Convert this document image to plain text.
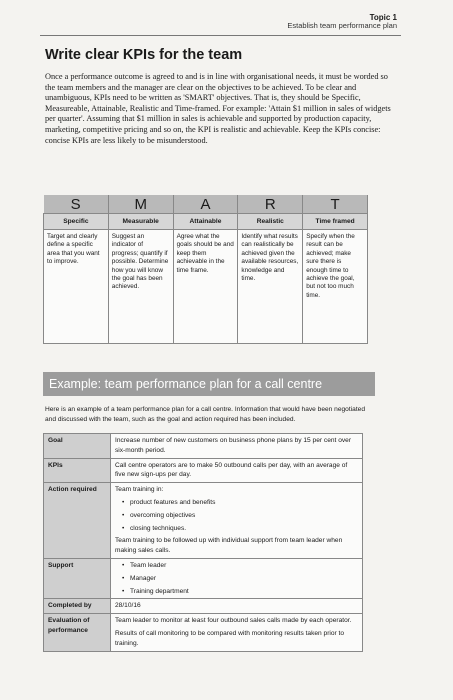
Topic 1
Establish team performance plan
Write clear KPIs for the team
Once a performance outcome is agreed to and is in line with organisational needs, it must be worded so the team members and the manager are clear on the objectives to be achieved. To be clear and unambiguous, KPIs need to be written as 'SMART' objectives. That is, they should be Specific, Measureable, Attainable, Realistic and Time-framed. For example: 'Attain $1 million in sales of widgets per quarter'. Assuming that $1 million in sales is achievable and supported by production capacity, marketing, competitive pricing and so on, the KPI is realistic and achievable. Keep the KPIs concise: concise KPIs are less likely to be misunderstood.
S	M	A	R	T
Specific	Measurable	Attainable	Realistic	Time framed
Target and clearly define a specific area that you want to improve.	Suggest an indicator of progress; quantify if possible. Determine how you will know the goal has been achieved.	Agree what the goals should be and keep them achievable in the time frame.	Identify what results can realistically be achieved given the available resources, knowledge and time.	Specify when the result can be achieved; make sure there is enough time to achieve the goal, but not too much time.
Example: team performance plan for a call centre
Here is an example of a team performance plan for a call centre. Information that would have been negotiated and discussed with the team, such as the goal and action required has been included.
Goal	Increase number of new customers on business phone plans by 15 per cent over six-month period.
KPIs	Call centre operators are to make 50 outbound calls per day, with an average of five new sign-ups per day.
Action required	Team training in:
• product features and benefits
• overcoming objectives
• closing techniques.
Team training to be followed up with individual support from team leader when making sales calls.

Support	• Team leader
• Manager
• Training department

Completed by	28/10/16
Evaluation of performance	Team leader to monitor at least four outbound sales calls made by each operator.
Results of call monitoring to be compared with monitoring results taken prior to training.
